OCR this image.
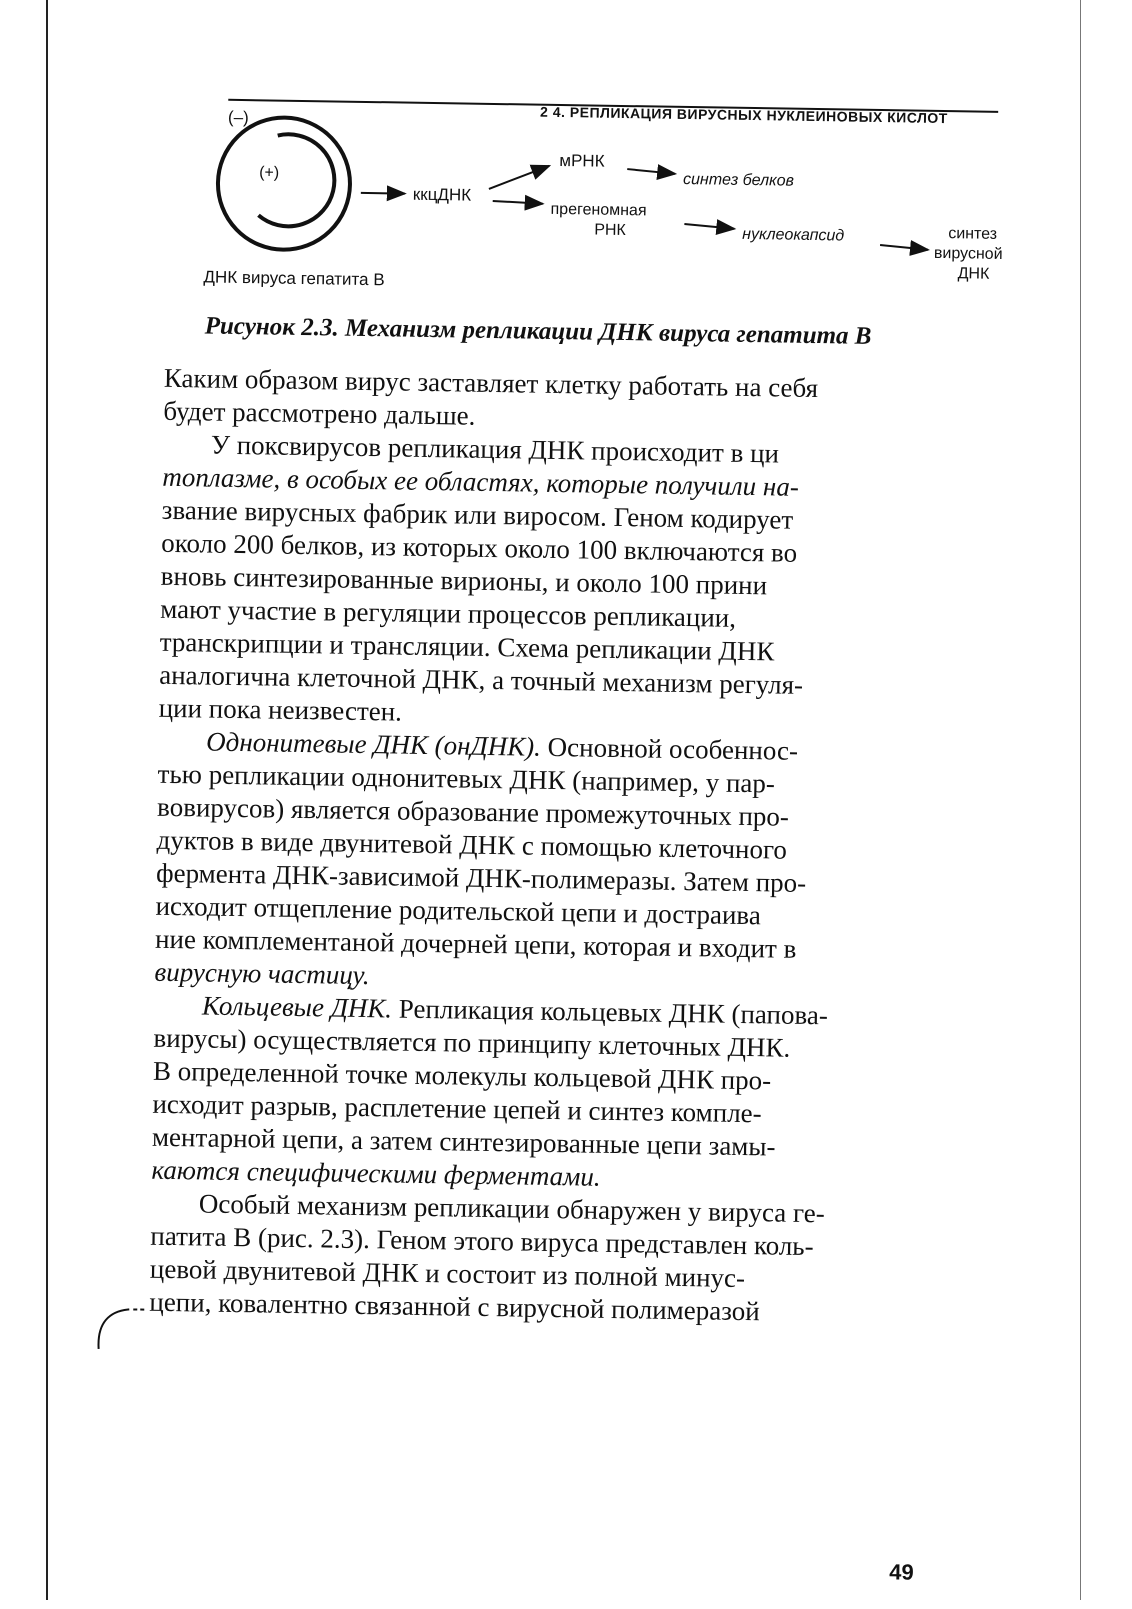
2 4. РЕПЛИКАЦИЯ ВИРУСНЫХ НУКЛЕИНОВЫХ КИСЛОТ
(–)
(+)
ккцДНК
мРНК
синтез белков
прегеномная
РНК	нуклеокапсид	синтез
вирусной
ДНК
ДНК вируса гепатита В
Рисунок 2.3. Механизм репликации ДНК вируса гепатита В

Каким образом вирус заставляет клетку работать на себя
будет рассмотрено дальше.

У поксвирусов репликация ДНК происходит в ци
топлазме, в особых ее областях, которые получили на-
звание вирусных фабрик или виросом. Геном кодирует
около 200 белков, из которых около 100 включаются во
вновь синтезированные вирионы, и около 100 прини
мают участие в регуляции процессов репликации,
транскрипции и трансляции. Схема репликации ДНК
аналогична клеточной ДНК, а точный механизм регуля-
ции пока неизвестен.

Однонитевые ДНК (онДНК). Основной особеннос-
тью репликации однонитевых ДНК (например, у пар-
вовирусов) является образование промежуточных про-
дуктов в виде двунитевой ДНК с помощью клеточного
фермента ДНК-зависимой ДНК-полимеразы. Затем про-
исходит отщепление родительской цепи и достраива
ние комплементаной дочерней цепи, которая и входит в
вирусную частицу.

Кольцевые ДНК. Репликация кольцевых ДНК (папова-
вирусы) осуществляется по принципу клеточных ДНК.
В определенной точке молекулы кольцевой ДНК про-
исходит разрыв, расплетение цепей и синтез компле-
ментарной цепи, а затем синтезированные цепи замы-
каются специфическими ферментами.

Особый механизм репликации обнаружен у вируса ге-
патита В (рис. 2.3). Геном этого вируса представлен коль-
цевой двунитевой ДНК и состоит из полной минус-
цепи, ковалентно связанной с вирусной полимеразой

49
